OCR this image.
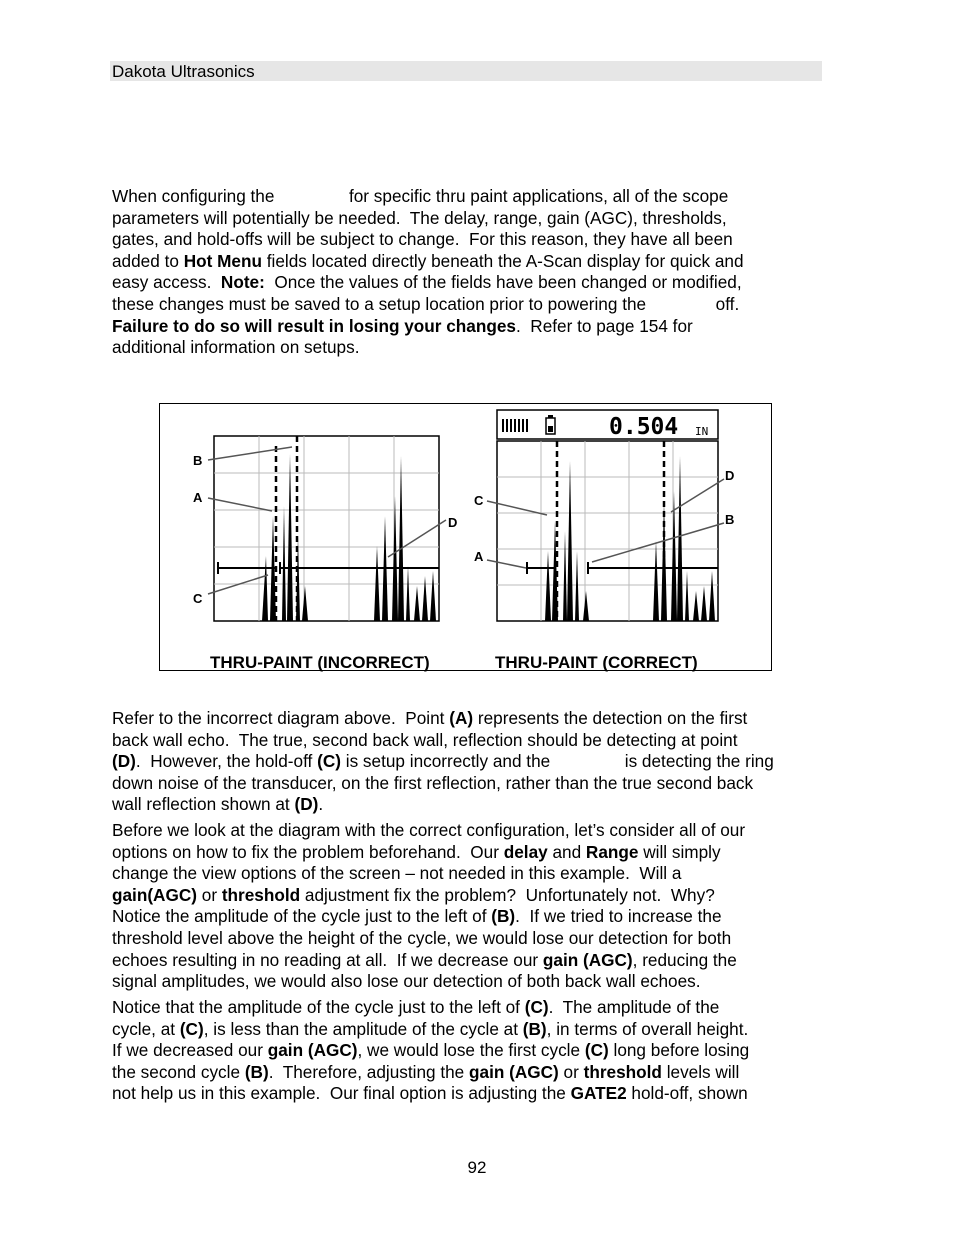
Dakota Ultrasonics
When configuring the	for specific thru paint applications, all of the scope
parameters will potentially be needed.  The delay, range, gain (AGC), thresholds,
gates, and hold-offs will be subject to change.  For this reason, they have all been
added to Hot Menu fields located directly beneath the A-Scan display for quick and
easy access.  Note:  Once the values of the fields have been changed or modified,
these changes must be saved to a setup location prior to powering the	off.
Failure to do so will result in losing your changes.  Refer to page 154 for
additional information on setups.
0.504 IN
B
A
C
D
C
A
D
B
THRU-PAINT (INCORRECT)	THRU-PAINT (CORRECT)
Refer to the incorrect diagram above.  Point (A) represents the detection on the first
back wall echo.  The true, second back wall, reflection should be detecting at point
(D).  However, the hold-off (C) is setup incorrectly and the	is detecting the ring
down noise of the transducer, on the first reflection, rather than the true second back
wall reflection shown at (D).
Before we look at the diagram with the correct configuration, let’s consider all of our
options on how to fix the problem beforehand.  Our delay and Range will simply
change the view options of the screen – not needed in this example.  Will a
gain(AGC) or threshold adjustment fix the problem?  Unfortunately not.  Why?
Notice the amplitude of the cycle just to the left of (B).  If we tried to increase the
threshold level above the height of the cycle, we would lose our detection for both
echoes resulting in no reading at all.  If we decrease our gain (AGC), reducing the
signal amplitudes, we would also lose our detection of both back wall echoes.
Notice that the amplitude of the cycle just to the left of (C).  The amplitude of the
cycle, at (C), is less than the amplitude of the cycle at (B), in terms of overall height.
If we decreased our gain (AGC), we would lose the first cycle (C) long before losing
the second cycle (B).  Therefore, adjusting the gain (AGC) or threshold levels will
not help us in this example.  Our final option is adjusting the GATE2 hold-off, shown
92
